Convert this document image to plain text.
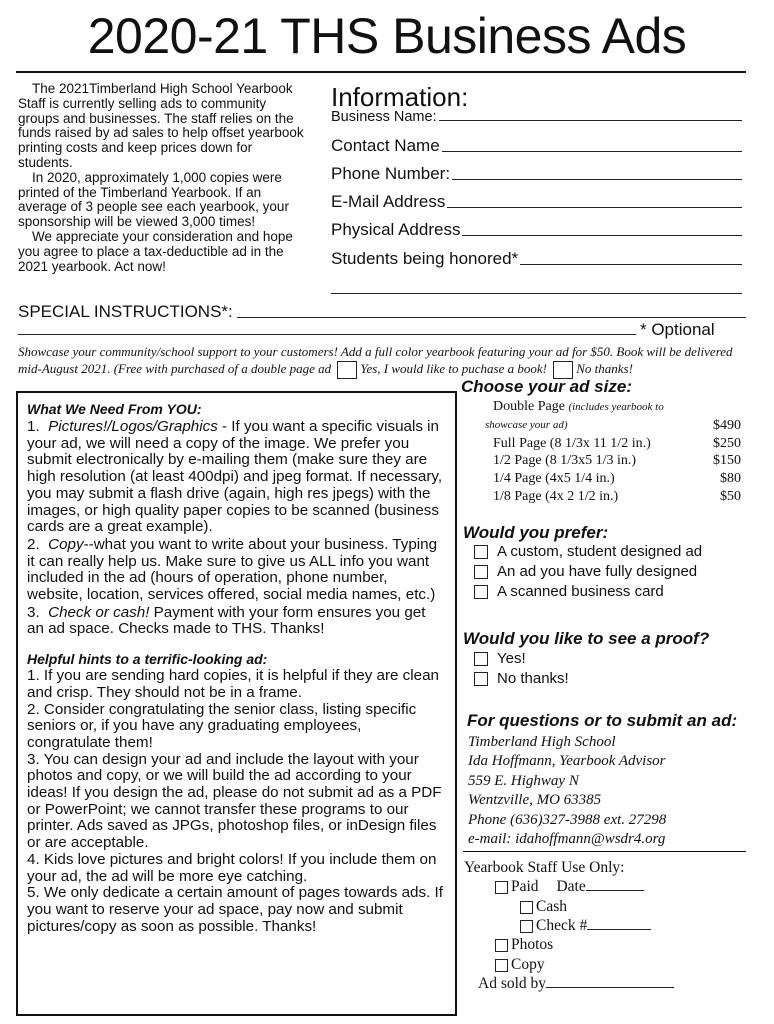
2020-21 THS Business Ads

The 2021Timberland High School Yearbook Staff is currently selling ads to community groups and businesses. The staff relies on the funds raised by ad sales to help offset yearbook printing costs and keep prices down for students.

In 2020, approximately 1,000 copies were printed of the Timberland Yearbook. If an average of 3 people see each yearbook, your sponsorship will be viewed 3,000 times!

We appreciate your consideration and hope you agree to place a tax-deductible ad in the 2021 yearbook. Act now!

Information:
Business Name:
Contact Name
Phone Number:
E-Mail Address
Physical Address
Students being honored*
SPECIAL INSTRUCTIONS*:
* Optional
Showcase your community/school support to your customers! Add a full color yearbook featuring your ad for $50. Book will be delivered mid-August 2021. (Free with purchased of a double page ad Yes, I would like to puchase a book! No thanks!
What We Need From YOU:
1. Pictures!/Logos/Graphics - If you want a specific visuals in your ad, we will need a copy of the image. We prefer you submit electronically by e-mailing them (make sure they are high resolution (at least 400dpi) and jpeg format. If necessary, you may submit a flash drive (again, high res jpegs) with the images, or high quality paper copies to be scanned (business cards are a great example).
2. Copy--what you want to write about your business. Typing it can really help us. Make sure to give us ALL info you want included in the ad (hours of operation, phone number, website, location, services offered, social media names, etc.)
3. Check or cash! Payment with your form ensures you get an ad space. Checks made to THS. Thanks!
Helpful hints to a terrific-looking ad:
1. If you are sending hard copies, it is helpful if they are clean and crisp. They should not be in a frame.
2. Consider congratulating the senior class, listing specific seniors or, if you have any graduating employees, congratulate them!
3. You can design your ad and include the layout with your photos and copy, or we will build the ad according to your ideas! If you design the ad, please do not submit ad as a PDF or PowerPoint; we cannot transfer these programs to our printer. Ads saved as JPGs, photoshop files, or inDesign files or are acceptable.
4. Kids love pictures and bright colors! If you include them on your ad, the ad will be more eye catching.
5. We only dedicate a certain amount of pages towards ads. If you want to reserve your ad space, pay now and submit pictures/copy as soon as possible. Thanks!
Choose your ad size:
Double Page (includes yearbook to
showcase your ad)	$490
Full Page (8 1/3x 11 1/2 in.)	$250
1/2 Page (8 1/3x5 1/3 in.)	$150
1/4 Page (4x5 1/4 in.)	$80
1/8 Page (4x 2 1/2 in.)	$50
Would you prefer:
A custom, student designed ad
An ad you have fully designed
A scanned business card
Would you like to see a proof?
Yes!
No thanks!
For questions or to submit an ad:
Timberland High School
Ida Hoffmann, Yearbook Advisor
559 E. Highway N
Wentzville, MO 63385
Phone (636)327-3988 ext. 27298
e-mail: idahoffmann@wsdr4.org
Yearbook Staff Use Only:
Paid Date
Cash
Check #
Photos
Copy
Ad sold by
